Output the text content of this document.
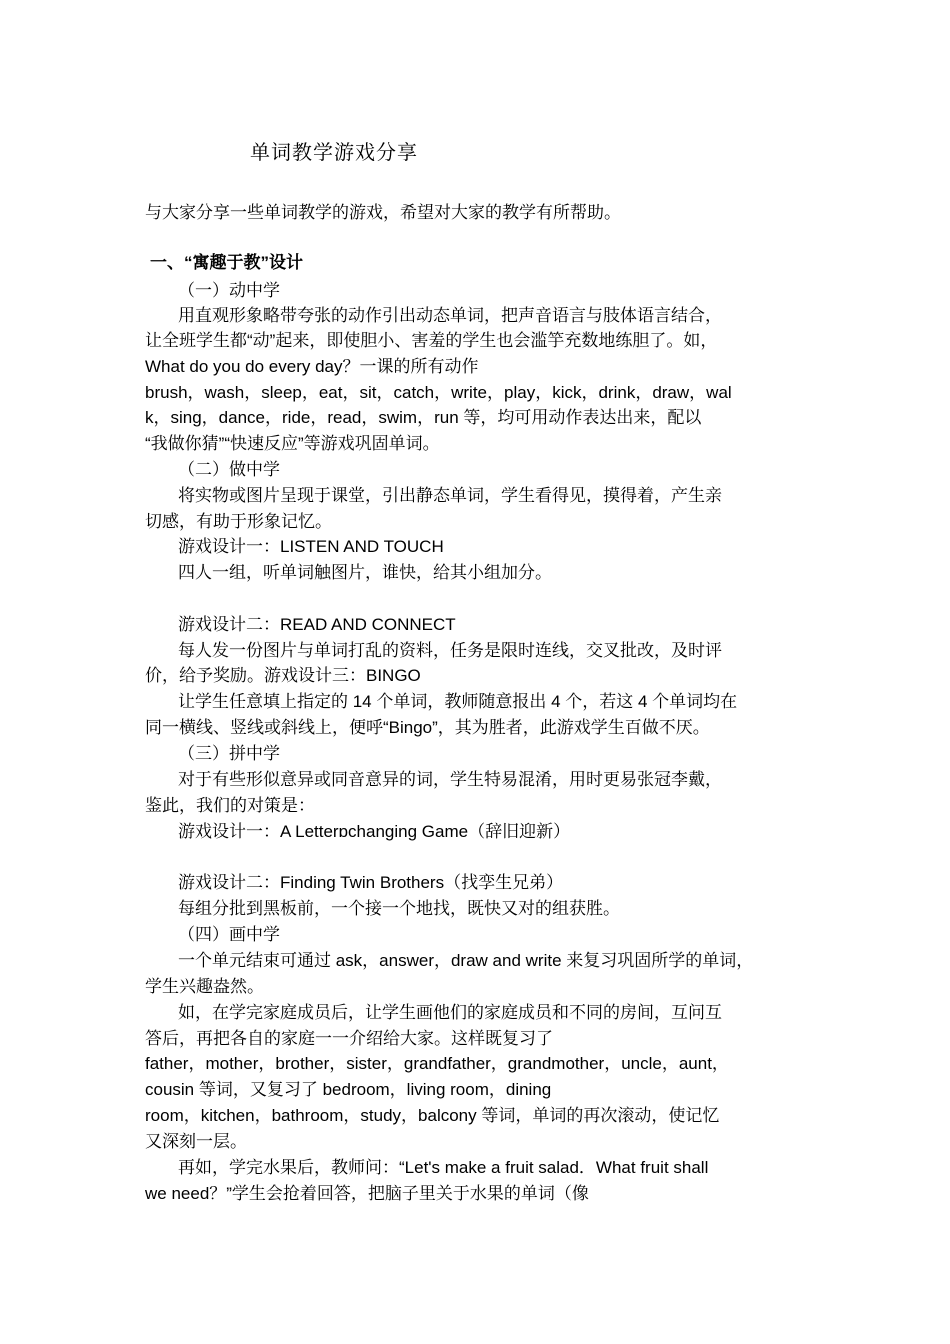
单词教学游戏分享
与大家分享一些单词教学的游戏，希望对大家的教学有所帮助。
一、“寓趣于教”设计
（一）动中学
用直观形象略带夸张的动作引出动态单词，把声音语言与肢体语言结合，
让全班学生都“动”起来，即使胆小、害羞的学生也会滥竽充数地练胆了。如，
What do you do every day？一课的所有动作
brush，wash，sleep，eat，sit，catch，write，play，kick，drink，draw，wal
k，sing，dance，ride，read，swim，run 等，均可用动作表达出来，配以
“我做你猜”“快速反应”等游戏巩固单词。
（二）做中学
将实物或图片呈现于课堂，引出静态单词，学生看得见，摸得着，产生亲
切感，有助于形象记忆。
游戏设计一：LISTEN AND TOUCH
四人一组，听单词触图片，谁快，给其小组加分。
游戏设计二：READ AND CONNECT
每人发一份图片与单词打乱的资料，任务是限时连线，交叉批改，及时评
价，给予奖励。游戏设计三：BINGO
让学生任意填上指定的 14 个单词，教师随意报出 4 个，若这 4 个单词均在
同一横线、竖线或斜线上，便呼“Bingo”，其为胜者，此游戏学生百做不厌。
（三）拼中学
对于有些形似意异或同音意异的词，学生特易混淆，用时更易张冠李戴，
鉴此，我们的对策是：
游戏设计一：A Letterɒchanging Game（辞旧迎新）
游戏设计二：Finding Twin Brothers（找孪生兄弟）
每组分批到黑板前，一个接一个地找，既快又对的组获胜。
（四）画中学
一个单元结束可通过 ask，answer，draw and write 来复习巩固所学的单词，
学生兴趣盎然。
如，在学完家庭成员后，让学生画他们的家庭成员和不同的房间，互问互
答后，再把各自的家庭一一介绍给大家。这样既复习了
father，mother，brother，sister，grandfather，grandmother，uncle，aunt，
cousin 等词，又复习了 bedroom，living room，dining
room，kitchen，bathroom，study，balcony 等词，单词的再次滚动，使记忆
又深刻一层。
再如，学完水果后，教师问：“Let's make a fruit salad．What fruit shall
we need？”学生会抢着回答，把脑子里关于水果的单词（像
